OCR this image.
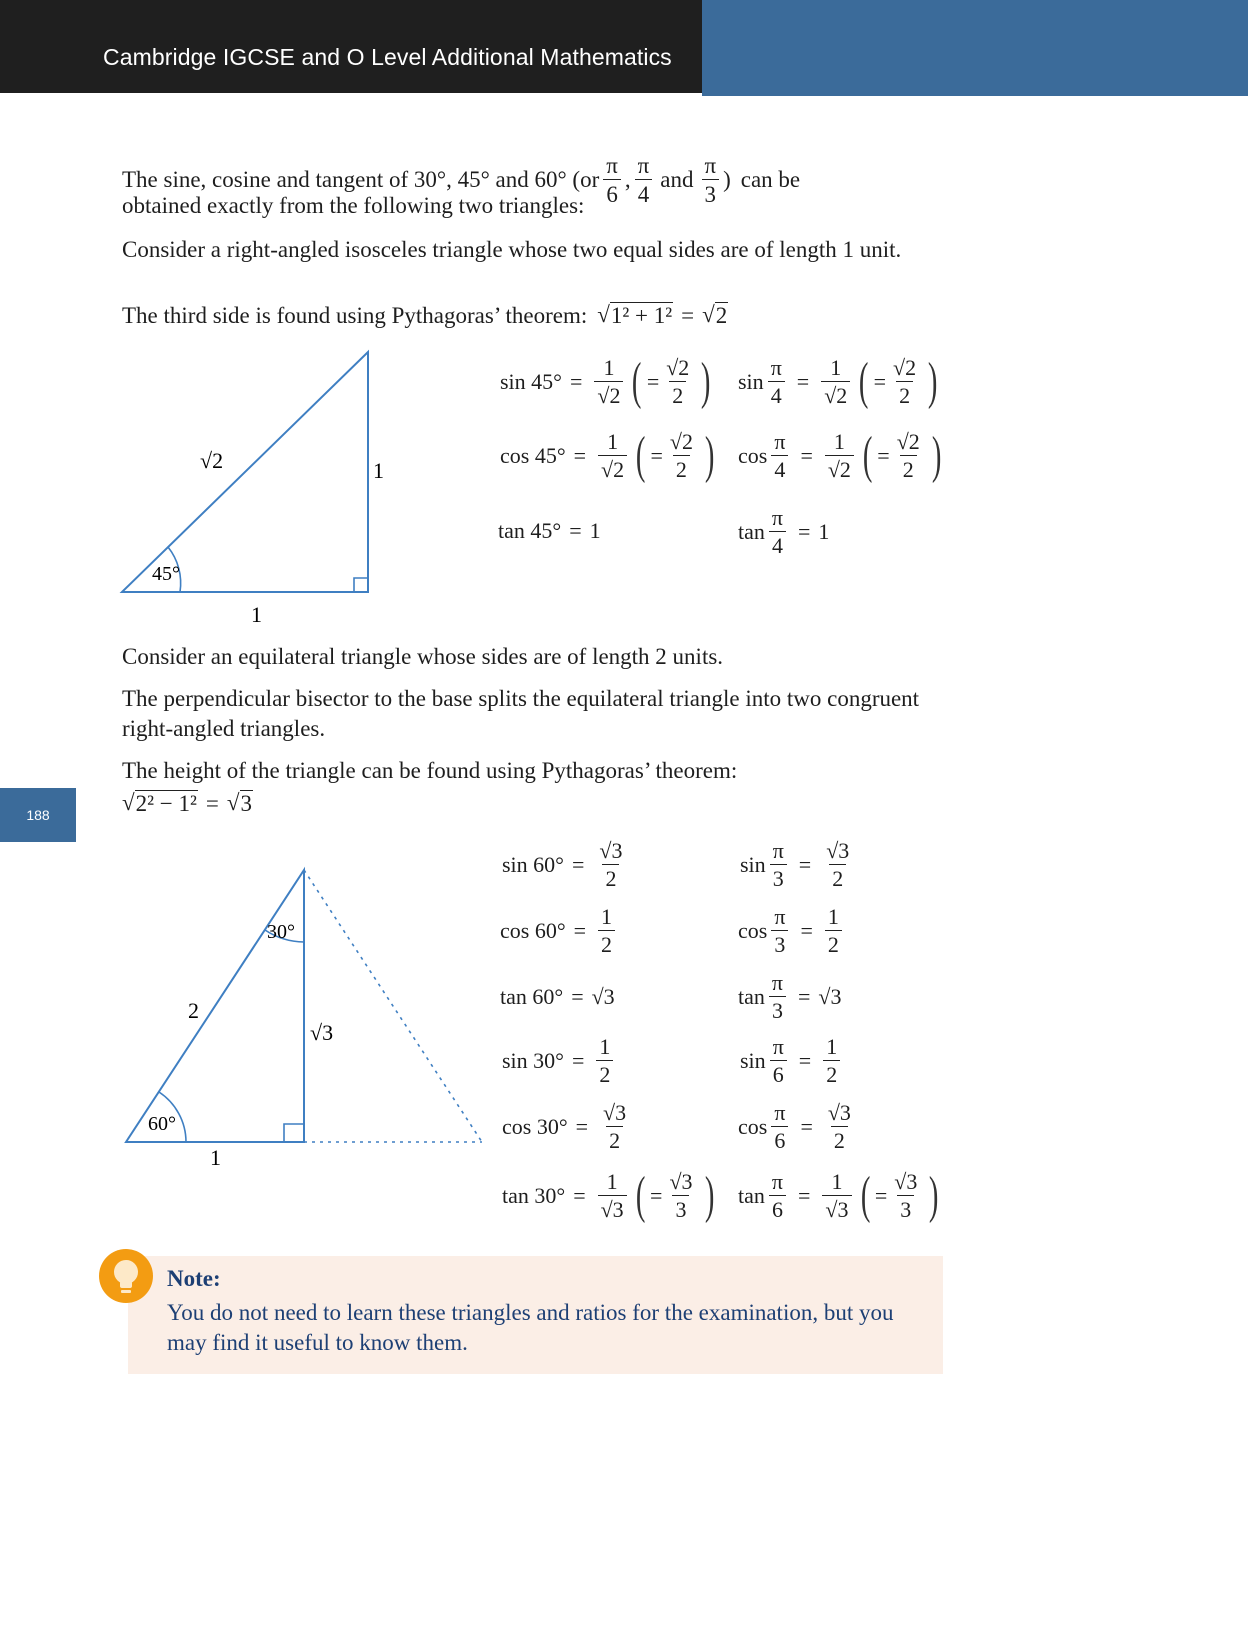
Cambridge IGCSE and O Level Additional Mathematics
188
The sine, cosine and tangent of 30°, 45° and 60° ($or \frac{\pi}{6}$ , $\frac{\pi}{4}$ and $\frac{\pi}{3}$ ) can be

obtained exactly from the following two triangles:

Consider a right-angled isosceles triangle whose two equal sides are of length 1 unit.

The third side is found using Pythagoras’ theorem: √ 1² + 1² = √ 2
√2	1
1
45°
$\sin 45^\circ = \frac{1}{√2}$ ( = $\frac{√2}{2}$ ) $\sin \frac{\pi}{4} = \frac{1}{√2}$ ( = $\frac{√2}{2}$ )
$\cos 45^\circ = \frac{1}{√2}$ ( = $\frac{√2}{2}$ ) $\cos \frac{\pi}{4} = \frac{1}{√2}$ ( = $\frac{√2}{2}$ )
tan 45° = 1	$\tan \frac{\pi}{4} = 1$

Consider an equilateral triangle whose sides are of length 2 units.

The perpendicular bisector to the base splits the equilateral triangle into two congruent right-angled triangles.

The height of the triangle can be found using Pythagoras’ theorem:

√ 2² − 1² = √ 3
2
√3
1
30°
60°
$\sin 60^\circ = \frac{√3}{2}$
$\cos 60^\circ = \frac{1}{2}$
tan 60° = √3
$\sin 30^\circ = \frac{1}{2}$
$\cos 30^\circ = \frac{√3}{2}$
$\tan 30^\circ = \frac{1}{√3}$ ( = $\frac{√3}{3}$ )
$\sin \frac{\pi}{3} = \frac{√3}{2}$
$\cos \frac{\pi}{3} = \frac{1}{2}$
$\tan \frac{\pi}{3} = √3$
$\sin \frac{\pi}{6} = \frac{1}{2}$
$\cos \frac{\pi}{6} = \frac{√3}{2}$
$\tan \frac{\pi}{6} = \frac{1}{√3}$ ( = $\frac{√3}{3}$ )
Note:

You do not need to learn these triangles and ratios for the examination, but you may find it useful to know them.
